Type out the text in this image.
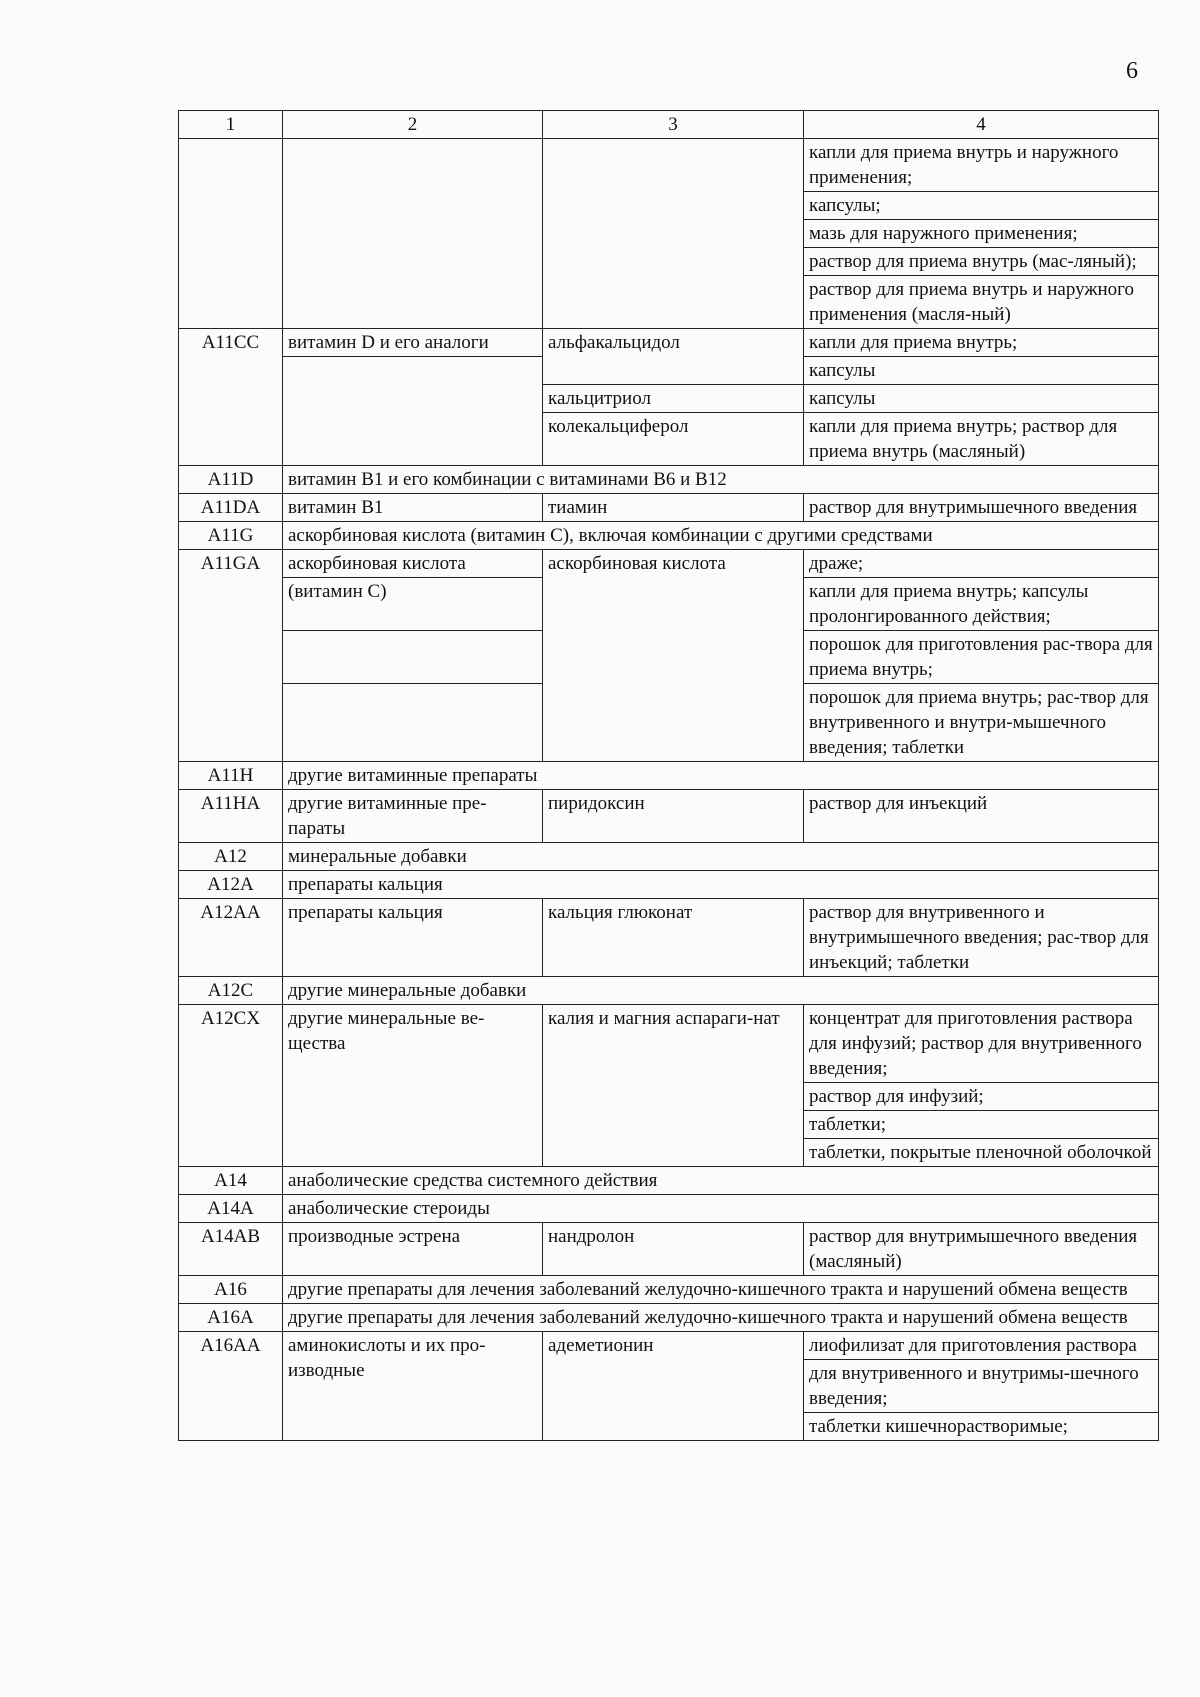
6
1	2	3	4
			капли для приема внутрь и наружного применения;
			капсулы;
			мазь для наружного применения;
			раствор для приема внутрь (мас-ляный);
			раствор для приема внутрь и наружного применения (масля-ный)
A11CC	витамин D и его аналоги	альфакальцидол	капли для приема внутрь;
			капсулы
		кальцитриол	капсулы
		колекальциферол	капли для приема внутрь; раствор для приема внутрь (масляный)
A11D	витамин B1 и его комбинации с витаминами B6 и B12		
A11DA	витамин B1	тиамин	раствор для внутримышечного введения
A11G	аскорбиновая кислота (витамин C), включая комбинации с другими средствами		
A11GA	аскорбиновая кислота	аскорбиновая кислота	драже;
	(витамин C)		капли для приема внутрь; капсулы пролонгированного действия;
			порошок для приготовления рас-твора для приема внутрь;
			порошок для приема внутрь; рас-твор для внутривенного и внутри-мышечного введения; таблетки
A11H	другие витаминные препараты		
A11HA	другие витаминные пре-параты	пиридоксин	раствор для инъекций
A12	минеральные добавки		
A12A	препараты кальция		
A12AA	препараты кальция	кальция глюконат	раствор для внутривенного и внутримышечного введения; рас-твор для инъекций; таблетки
A12C	другие минеральные добавки		
A12CX	другие минеральные ве-щества	калия и магния аспараги-нат	концентрат для приготовления раствора для инфузий; раствор для внутривенного введения;
			раствор для инфузий;
			таблетки;
			таблетки, покрытые пленочной оболочкой
A14	анаболические средства системного действия		
A14A	анаболические стероиды		
A14AB	производные эстрена	нандролон	раствор для внутримышечного введения (масляный)
A16	другие препараты для лечения заболеваний желудочно-кишечного тракта и нарушений обмена веществ		
A16A	другие препараты для лечения заболеваний желудочно-кишечного тракта и нарушений обмена веществ		
A16AA	аминокислоты и их про-изводные	адеметионин	лиофилизат для приготовления раствора
			для внутривенного и внутримы-шечного введения;
			таблетки кишечнорастворимые;
